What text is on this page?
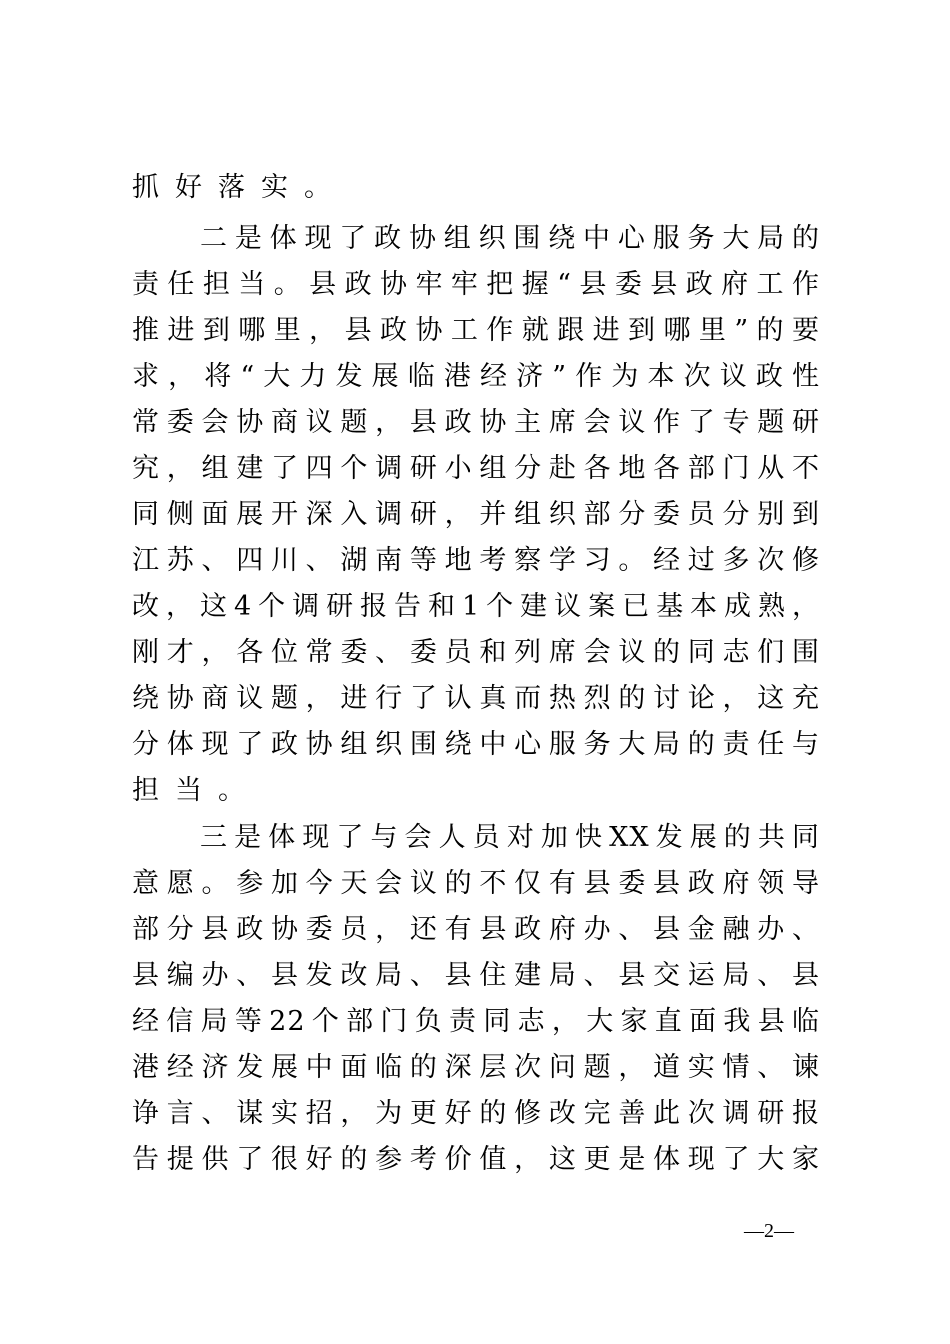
抓好落实。
二是体现了政协组织围绕中心服务大局的
责任担当。县政协牢牢把握“县委县政府工作
推进到哪里，县政协工作就跟进到哪里”的要
求，将“大力发展临港经济”作为本次议政性
常委会协商议题，县政协主席会议作了专题研
究，组建了四个调研小组分赴各地各部门从不
同侧面展开深入调研，并组织部分委员分别到
江苏、四川、湖南等地考察学习。经过多次修
改，这4个调研报告和1个建议案已基本成熟，
刚才，各位常委、委员和列席会议的同志们围
绕协商议题，进行了认真而热烈的讨论，这充
分体现了政协组织围绕中心服务大局的责任与
担当。
三是体现了与会人员对加快XX发展的共同
意愿。参加今天会议的不仅有县委县政府领导
部分县政协委员，还有县政府办、县金融办、
县编办、县发改局、县住建局、县交运局、县
经信局等22个部门负责同志，大家直面我县临
港经济发展中面临的深层次问题，道实情、谏
诤言、谋实招，为更好的修改完善此次调研报
告提供了很好的参考价值，这更是体现了大家
—2—
